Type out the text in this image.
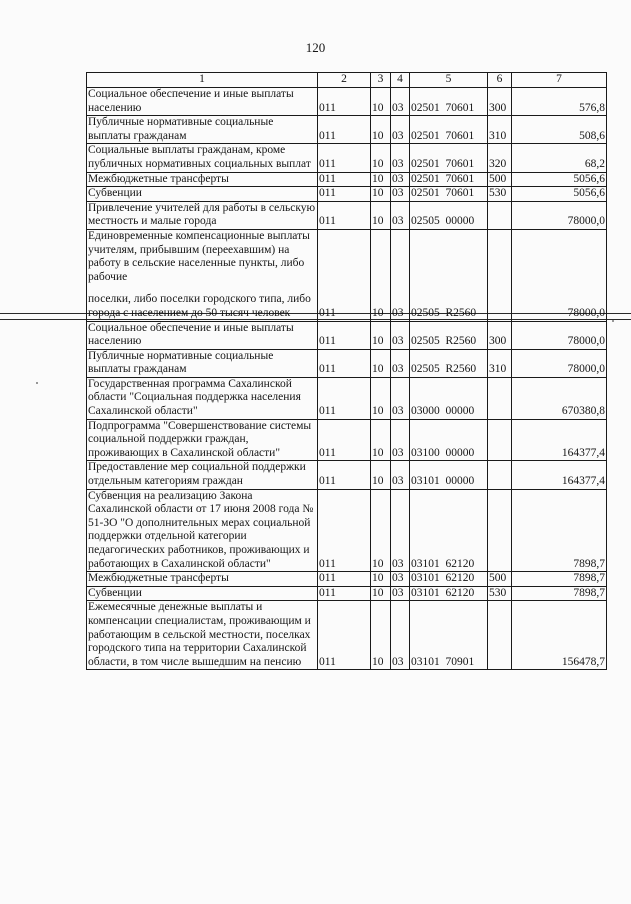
120
1	2	3	4	5	6	7
Социальное обеспечение и иные выплаты населению	011	10	03	02501  70601	300	576,8
Публичные нормативные социальные выплаты гражданам	011	10	03	02501  70601	310	508,6
Социальные выплаты гражданам, кроме публичных нормативных социальных выплат	011	10	03	02501  70601	320	68,2
Межбюджетные трансферты	011	10	03	02501  70601	500	5056,6
Субвенции	011	10	03	02501  70601	530	5056,6
Привлечение учителей для работы в сельскую местность и малые города	011	10	03	02505  00000		78000,0

Единовременные компенсационные выплаты учителям, прибывшим (переехавшим) на работу в сельские населенные пункты, либо рабочие
поселки, либо поселки городского типа, либо города с населением до 50 тысяч человек	011	10	03	02505  R2560		78000,0
Социальное обеспечение и иные выплаты населению	011	10	03	02505  R2560	300	78000,0
Публичные нормативные социальные выплаты гражданам	011	10	03	02505  R2560	310	78000,0
Государственная программа Сахалинской области "Социальная поддержка населения Сахалинской области"	011	10	03	03000  00000		670380,8
Подпрограмма "Совершенствование системы социальной поддержки граждан, проживающих в Сахалинской области"	011	10	03	03100  00000		164377,4
Предоставление мер социальной поддержки отдельным категориям граждан	011	10	03	03101  00000		164377,4
Субвенция на реализацию Закона Сахалинской области от 17 июня 2008 года № 51-ЗО "О дополнительных мерах социальной поддержки отдельной категории педагогических работников, проживающих и работающих в Сахалинской области"	011	10	03	03101  62120		7898,7
Межбюджетные трансферты	011	10	03	03101  62120	500	7898,7
Субвенции	011	10	03	03101  62120	530	7898,7
Ежемесячные денежные выплаты и компенсации специалистам, проживающим и работающим в сельской местности, поселках городского типа на территории Сахалинской области, в том числе вышедшим на пенсию	011	10	03	03101  70901		156478,7
